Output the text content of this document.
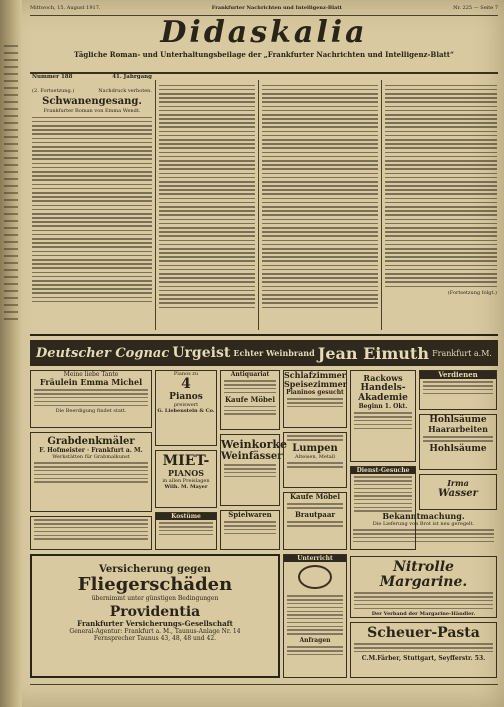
Mittwoch, 15. August 1917.	Frankfurter Nachrichten und Intelligenz-Blatt	Nr. 225 — Seite 7
Didaskalia
Tägliche Roman- und Unterhaltungsbeilage der „Frankfurter Nachrichten und Intelligenz-Blatt“
Nummer 188	41. Jahrgang
(2. Fortsetzung.)	Nachdruck verboten.
Schwanengesang.
Frankfurter Roman von Emma Wendt.
(Fortsetzung folgt.)
Deutscher Cognac Urgeist Echter Weinbrand Jean Eimuth Frankfurt a.M.
Meine liebe Tante
Fräulein Emma Michel
Die Beerdigung findet statt.
Grabdenkmäler
F. Hofmeister · Frankfurt a. M.
Werkstätten für Grabmalkunst
Pianos zu
4
Pianos
preiswert
G. Liebenstein & Co.
MIET-
PIANOS
in allen Preislagen
Wilh. M. Mayer
Kostüme
Antiquariat
Kaufe Möbel
Weinkorke
Weinfässer
Spielwaren
Schlafzimmer
Speisezimmer
Pianinos gesucht
Lumpen
Alteisen, Metall
Kaufe Möbel
Brautpaar
Rackows
Handels-
Akademie
Beginn 1. Okt.
Dienst-Gesuche
Verdienen
Hohlsäume
Haararbeiten
Hohlsäume
Irma
Wasser
Bekanntmachung.
Die Lieferung von Brot ist neu geregelt.
Nitrolle Margarine.
Der Verband der Margarine-Händler.
Scheuer-Pasta
C.M.Färber, Stuttgart, Seyfferstr. 53.
Unterricht
Anfragen
Versicherung gegen
Fliegerschäden
übernimmt unter günstigen Bedingungen
Providentia
Frankfurter Versicherungs-Gesellschaft
General-Agentur: Frankfurt a. M., Taunus-Anlage Nr. 14
Fernsprecher Taunus 43, 48, 48 und 42.
